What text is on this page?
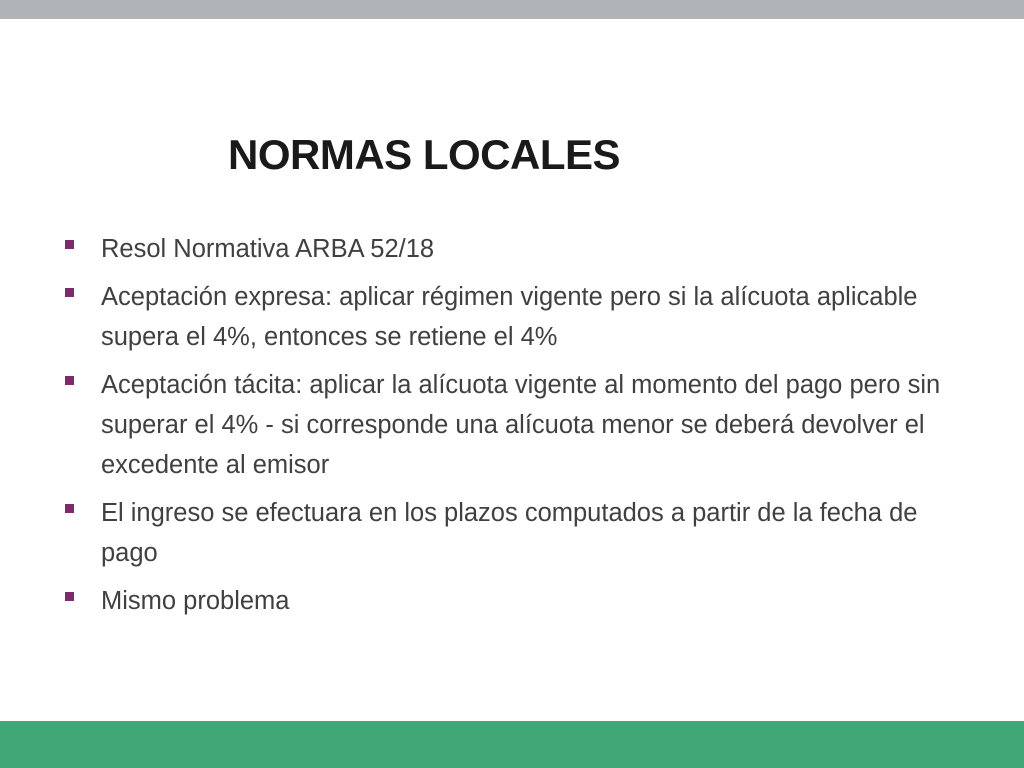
NORMAS LOCALES
Resol Normativa ARBA 52/18
Aceptación expresa: aplicar régimen vigente pero si la alícuota aplicable supera el 4%, entonces se retiene el 4%
Aceptación tácita: aplicar la alícuota vigente al momento del pago pero sin superar el 4% - si corresponde una alícuota menor se deberá devolver el excedente al emisor
El ingreso se efectuara en los plazos computados a partir de la fecha de pago
Mismo problema
